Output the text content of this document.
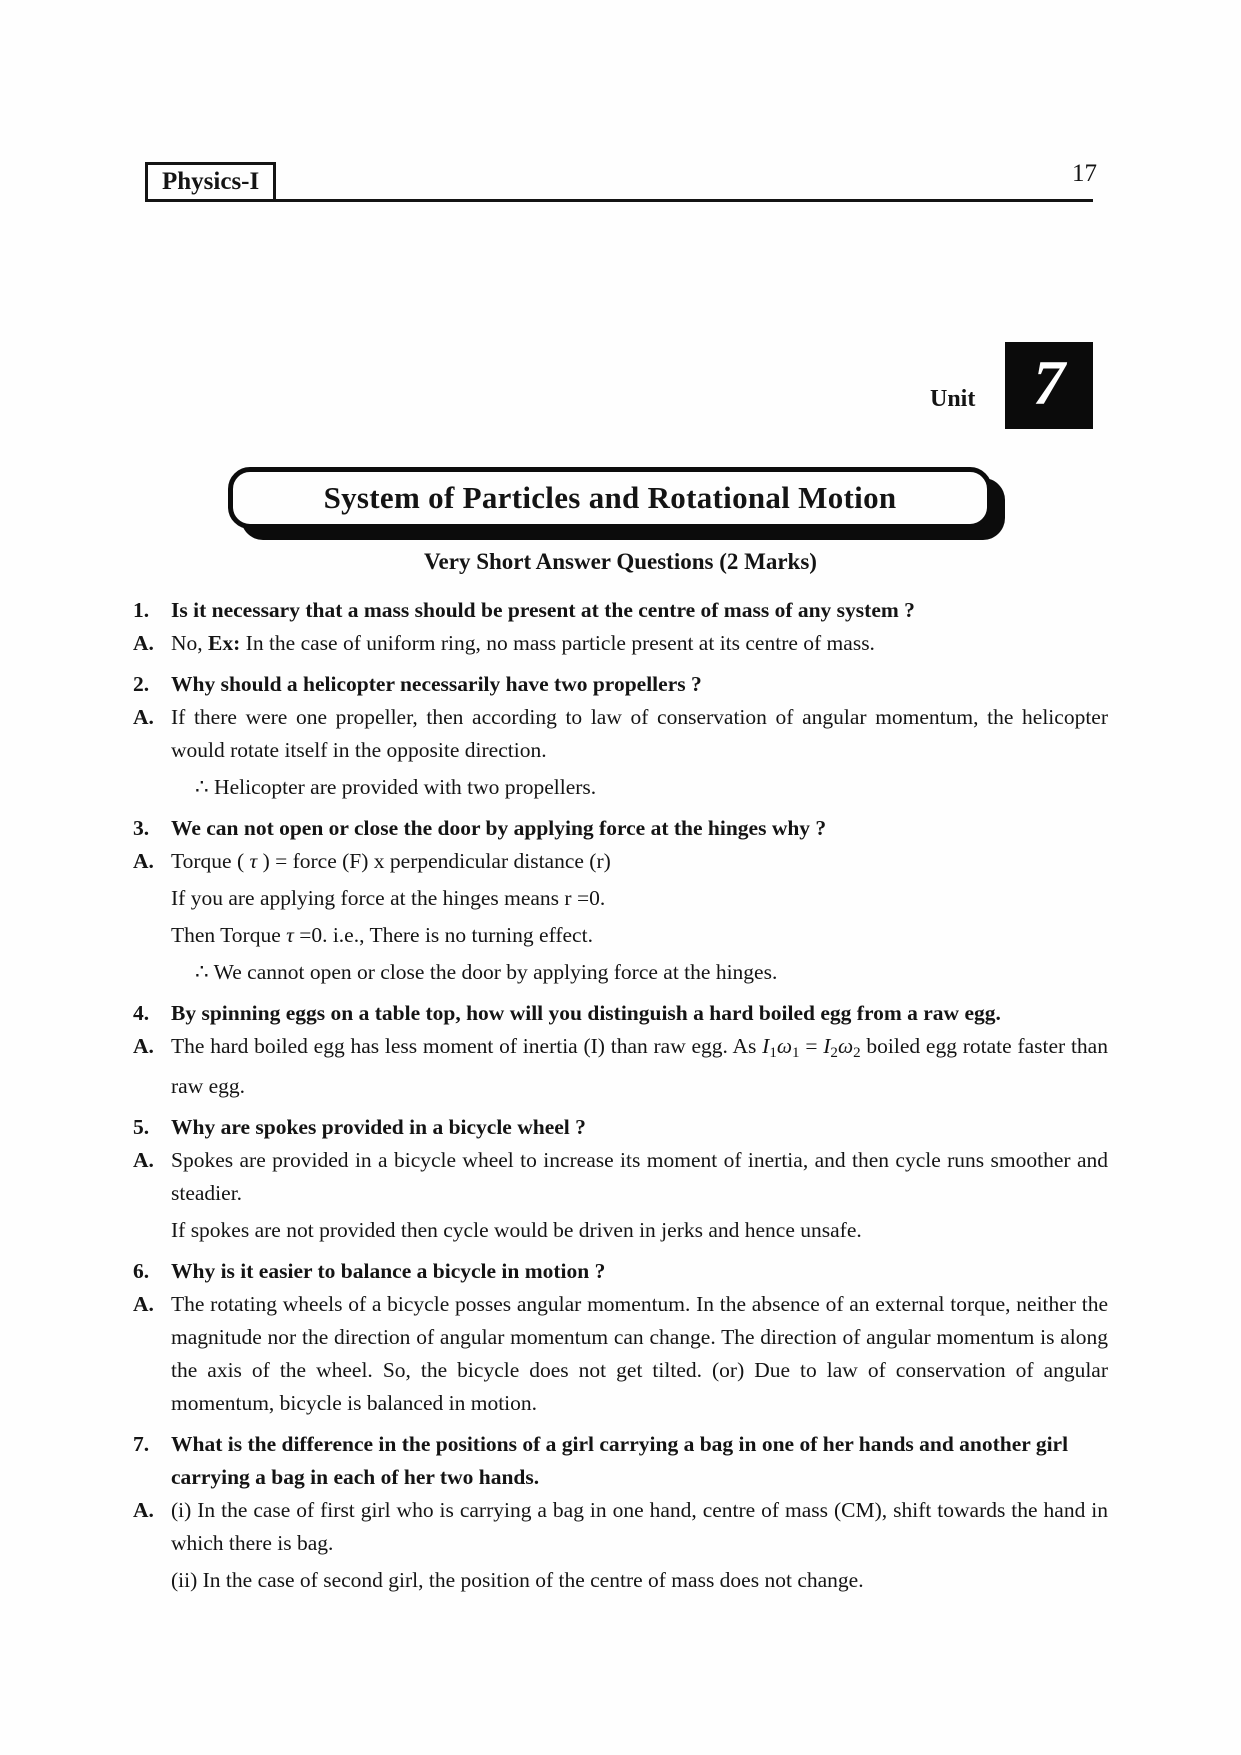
Physics-I	17
Unit 7
System of Particles and Rotational Motion
Very Short Answer Questions (2 Marks)
1.	Is it necessary that a mass should be present at the centre of mass of any system ?

A. No, Ex: In the case of uniform ring, no mass particle present at its centre of mass.

2.	Why should a helicopter necessarily have two propellers ?

A. If there were one propeller, then according to law of conservation of angular momentum, the helicopter would rotate itself in the opposite direction.

∴ Helicopter are provided with two propellers.

3.	We can not open or close the door by applying force at the hinges why ?

A. Torque ( τ ) = force (F) x perpendicular distance (r)

If you are applying force at the hinges means r =0.

Then Torque τ =0. i.e., There is no turning effect.

∴ We cannot open or close the door by applying force at the hinges.

4.	By spinning eggs on a table top, how will you distinguish a hard boiled egg from a raw egg.

A. The hard boiled egg has less moment of inertia (I) than raw egg. As $I_1\omega_1 = I_2\omega_2$ boiled egg rotate faster than raw egg.

5.	Why are spokes provided in a bicycle wheel ?

A. Spokes are provided in a bicycle wheel to increase its moment of inertia, and then cycle runs smoother and steadier.

If spokes are not provided then cycle would be driven in jerks and hence unsafe.

6.	Why is it easier to balance a bicycle in motion ?

A. The rotating wheels of a bicycle posses angular momentum. In the absence of an external torque, neither the magnitude nor the direction of angular momentum can change. The direction of angular momentum is along the axis of the wheel. So, the bicycle does not get tilted. (or) Due to law of conservation of angular momentum, bicycle is balanced in motion.

7.	What is the difference in the positions of a girl carrying a bag in one of her hands and another girl carrying a bag in each of her two hands.

A. (i) In the case of first girl who is carrying a bag in one hand, centre of mass (CM), shift towards the hand in which there is bag.

(ii) In the case of second girl, the position of the centre of mass does not change.
